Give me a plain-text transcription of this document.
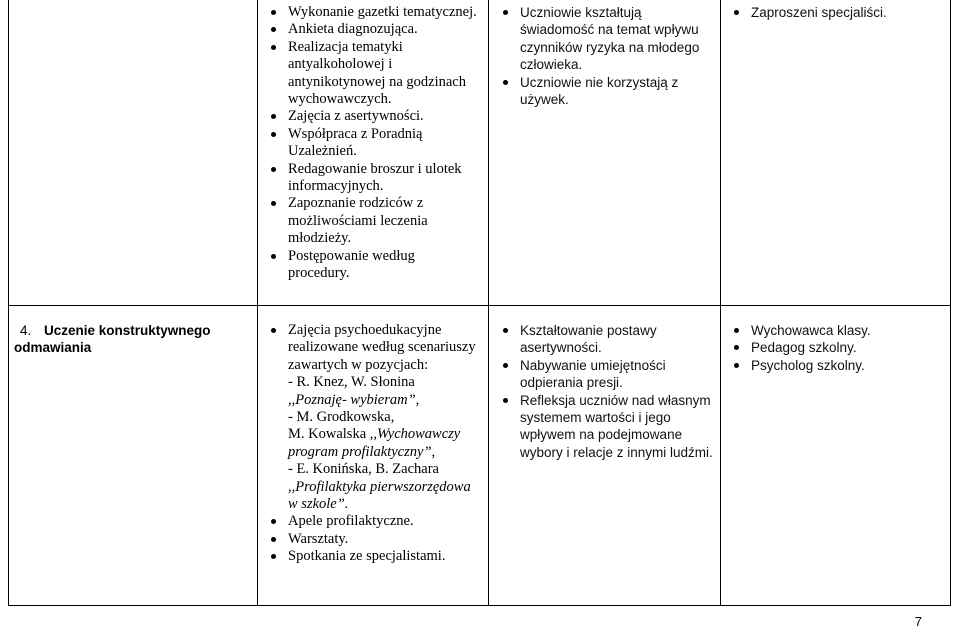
Wykonanie gazetki tematycznej.
Ankieta diagnozująca.
Realizacja tematyki antyalkoholowej i antynikotynowej na godzinach wychowawczych.
Zajęcia z asertywności.
Współpraca z Poradnią Uzależnień.
Redagowanie broszur i ulotek informacyjnych.
Zapoznanie rodziców z możliwościami leczenia młodzieży.
Postępowanie według procedury.
Uczniowie kształtują świadomość na temat wpływu czynników ryzyka na młodego człowieka.
Uczniowie nie korzystają z używek.
Zaproszeni specjaliści.
4. Uczenie konstruktywnego odmawiania
Zajęcia psychoedukacyjne realizowane według scenariuszy zawartych w pozycjach:
- R. Knez, W. Słonina
,,Poznaję- wybieram”,
- M. Grodkowska,
M. Kowalska ,,Wychowawczy program profilaktyczny”,
- E. Konińska, B. Zachara
,,Profilaktyka pierwszorzędowa w szkole”.
Apele profilaktyczne.
Warsztaty.
Spotkania ze specjalistami.
Kształtowanie postawy asertywności.
Nabywanie umiejętności odpierania presji.
Refleksja uczniów nad własnym systemem wartości i jego wpływem na podejmowane wybory i relacje z innymi ludźmi.
Wychowawca klasy.
Pedagog szkolny.
Psycholog szkolny.
7
